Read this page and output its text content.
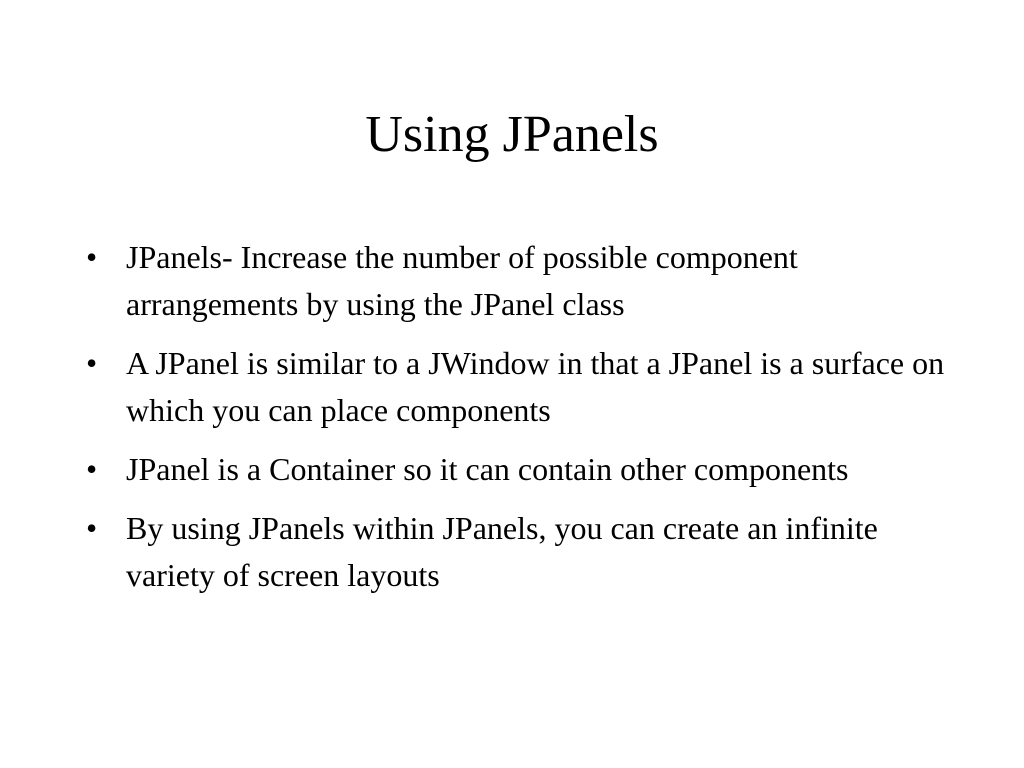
Using JPanels
• JPanels- Increase the number of possible component arrangements by using the JPanel class
• A JPanel is similar to a JWindow in that a JPanel is a surface on which you can place components
• JPanel is a Container so it can contain other components
• By using JPanels within JPanels, you can create an infinite variety of screen layouts
